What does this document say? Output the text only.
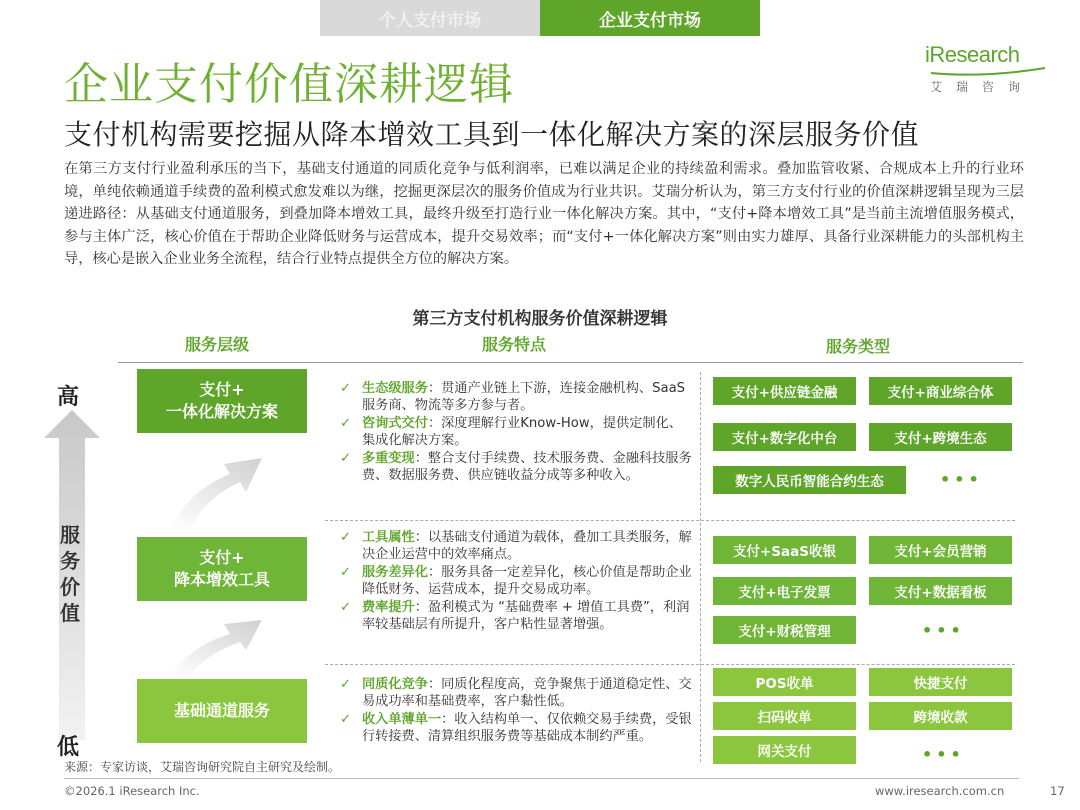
个人支付市场	企业支付市场
iResearch
艾瑞咨询
企业支付价值深耕逻辑
支付机构需要挖掘从降本增效工具到一体化解决方案的深层服务价值
在第三方支付行业盈利承压的当下，基础支付通道的同质化竞争与低利润率，已难以满足企业的持续盈利需求。叠加监管收紧、合规成本上升的行业环境，单纯依赖通道手续费的盈利模式愈发难以为继，挖掘更深层次的服务价值成为行业共识。艾瑞分析认为，第三方支付行业的价值深耕逻辑呈现为三层递进路径：从基础支付通道服务，到叠加降本增效工具，最终升级至打造行业一体化解决方案。其中，“支付+降本增效工具”是当前主流增值服务模式，参与主体广泛，核心价值在于帮助企业降低财务与运营成本，提升交易效率；而“支付+一体化解决方案”则由实力雄厚、具备行业深耕能力的头部机构主导，核心是嵌入企业业务全流程，结合行业特点提供全方位的解决方案。
第三方支付机构服务价值深耕逻辑
服务层级	服务特点	服务类型
高
低
服
务
价
值
支付+
一体化解决方案
支付+
降本增效工具
基础通道服务
✓ 生态级服务：贯通产业链上下游，连接金融机构、SaaS服务商、物流等多方参与者。
✓ 咨询式交付：深度理解行业Know-How，提供定制化、集成化解决方案。
✓ 多重变现：整合支付手续费、技术服务费、金融科技服务费、数据服务费、供应链收益分成等多种收入。
✓ 工具属性：以基础支付通道为载体，叠加工具类服务，解决企业运营中的效率痛点。
✓ 服务差异化：服务具备一定差异化，核心价值是帮助企业降低财务、运营成本，提升交易成功率。
✓ 费率提升：盈利模式为 “基础费率 + 增值工具费”，利润率较基础层有所提升，客户粘性显著增强。
✓ 同质化竞争：同质化程度高，竞争聚焦于通道稳定性、交易成功率和基础费率，客户黏性低。
✓ 收入单薄单一：收入结构单一、仅依赖交易手续费，受银行转接费、清算组织服务费等基础成本制约严重。
支付+供应链金融	支付+商业综合体
支付+数字化中台	支付+跨境生态
数字人民币智能合约生态	•••
支付+SaaS收银	支付+会员营销
支付+电子发票	支付+数据看板
支付+财税管理	•••
POS收单	快捷支付
扫码收单	跨境收款
网关支付	•••
来源：专家访谈，艾瑞咨询研究院自主研究及绘制。
©2026.1 iResearch Inc.	www.iresearch.com.cn	17
